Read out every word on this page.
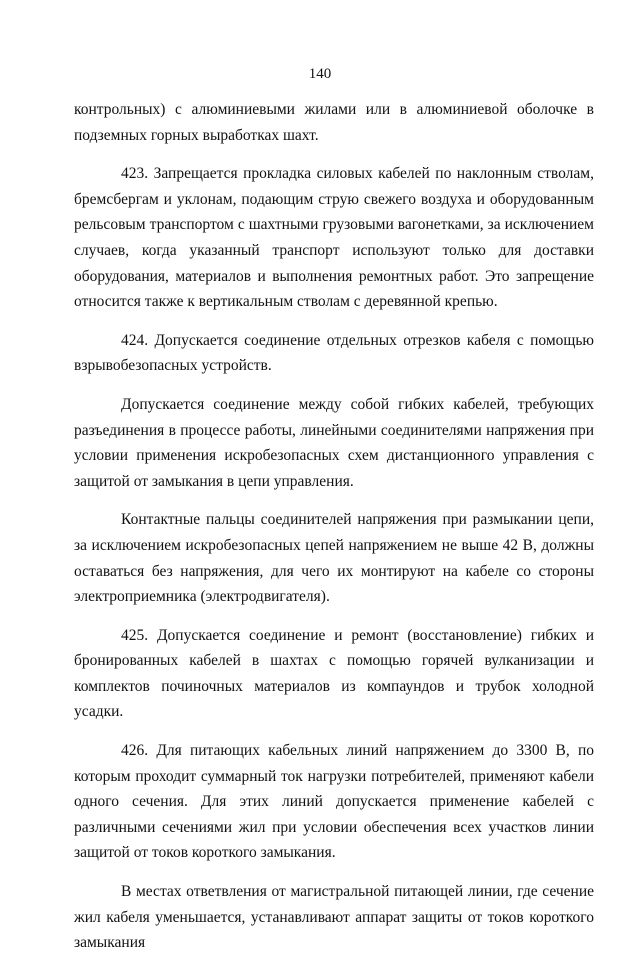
140

контрольных) с алюминиевыми жилами или в алюминиевой оболочке в подземных горных выработках шахт.

423. Запрещается прокладка силовых кабелей по наклонным стволам, бремсбергам и уклонам, подающим струю свежего воздуха и оборудованным рельсовым транспортом с шахтными грузовыми вагонетками, за исключением случаев, когда указанный транспорт используют только для доставки оборудования, материалов и выполнения ремонтных работ. Это запрещение относится также к вертикальным стволам с деревянной крепью.

424. Допускается соединение отдельных отрезков кабеля с помощью взрывобезопасных устройств.

Допускается соединение между собой гибких кабелей, требующих разъединения в процессе работы, линейными соединителями напряжения при условии применения искробезопасных схем дистанционного управления с защитой от замыкания в цепи управления.

Контактные пальцы соединителей напряжения при размыкании цепи, за исключением искробезопасных цепей напряжением не выше 42 В, должны оставаться без напряжения, для чего их монтируют на кабеле со стороны электроприемника (электродвигателя).

425. Допускается соединение и ремонт (восстановление) гибких и бронированных кабелей в шахтах с помощью горячей вулканизации и комплектов починочных материалов из компаундов и трубок холодной усадки.

426. Для питающих кабельных линий напряжением до 3300 В, по которым проходит суммарный ток нагрузки потребителей, применяют кабели одного сечения. Для этих линий допускается применение кабелей с различными сечениями жил при условии обеспечения всех участков линии защитой от токов короткого замыкания.

В местах ответвления от магистральной питающей линии, где сечение жил кабеля уменьшается, устанавливают аппарат защиты от токов короткого замыкания
